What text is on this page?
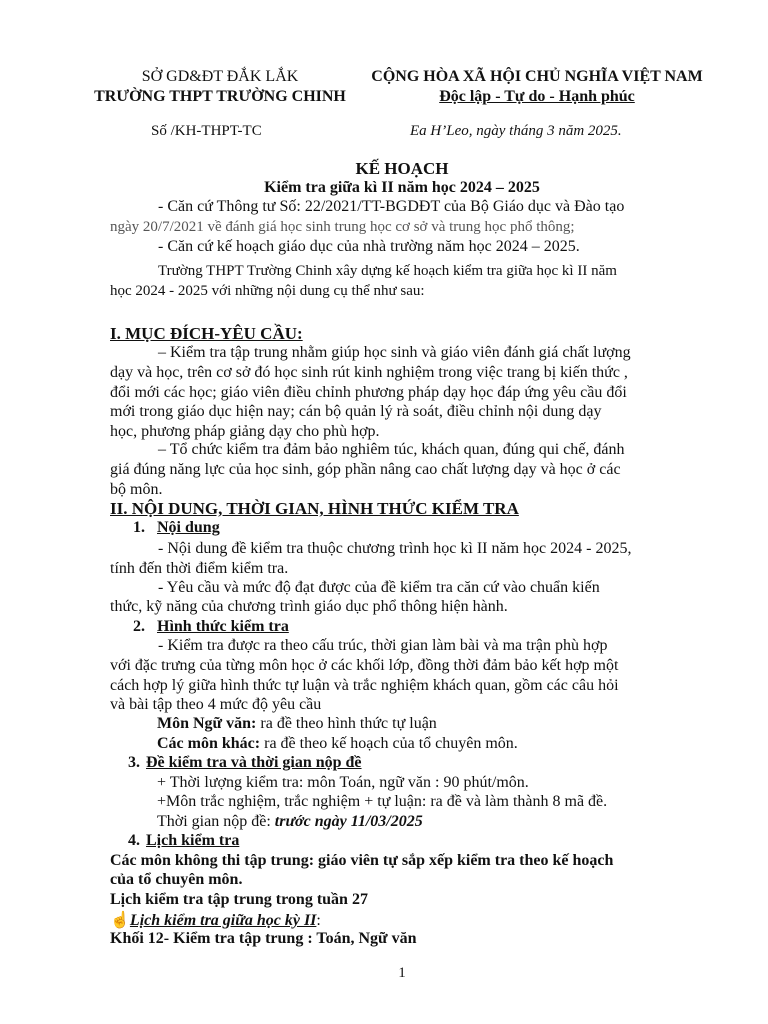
SỞ GD&ĐT ĐẮK LẮK
TRƯỜNG THPT TRƯỜNG CHINH
CỘNG HÒA XÃ HỘI CHỦ NGHĨA VIỆT NAM
Độc lập - Tự do - Hạnh phúc
Số /KH-THPT-TC	Ea H’Leo, ngày tháng 3 năm 2025.
KẾ HOẠCH
Kiểm tra giữa kì II năm học 2024 – 2025
- Căn cứ Thông tư Số: 22/2021/TT-BGDĐT của Bộ Giáo dục và Đào tạo
ngày 20/7/2021 về đánh giá học sinh trung học cơ sở và trung học phổ thông;
- Căn cứ kế hoạch giáo dục của nhà trường năm học 2024 – 2025.
Trường THPT Trường Chinh xây dựng kế hoạch kiểm tra giữa học kì II năm
học 2024 - 2025 với những nội dung cụ thể như sau:
I. MỤC ĐÍCH-YÊU CẦU:
– Kiểm tra tập trung nhằm giúp học sinh và giáo viên đánh giá chất lượng
dạy và học, trên cơ sở đó học sinh rút kinh nghiệm trong việc trang bị kiến thức ,
đổi mới các học; giáo viên điều chỉnh phương pháp dạy học đáp ứng yêu cầu đổi
mới trong giáo dục hiện nay; cán bộ quản lý rà soát, điều chỉnh nội dung dạy
học, phương pháp giảng dạy cho phù hợp.
– Tổ chức kiểm tra đảm bảo nghiêm túc, khách quan, đúng qui chế, đánh
giá đúng năng lực của học sinh, góp phần nâng cao chất lượng dạy và học ở các
bộ môn.
II. NỘI DUNG, THỜI GIAN, HÌNH THỨC KIỂM TRA
1. Nội dung
- Nội dung đề kiểm tra thuộc chương trình học kì II năm học 2024 - 2025,
tính đến thời điểm kiểm tra.
- Yêu cầu và mức độ đạt được của đề kiểm tra căn cứ vào chuẩn kiến
thức, kỹ năng của chương trình giáo dục phổ thông hiện hành.
2. Hình thức kiểm tra
- Kiểm tra được ra theo cấu trúc, thời gian làm bài và ma trận phù hợp
với đặc trưng của từng môn học ở các khối lớp, đồng thời đảm bảo kết hợp một
cách hợp lý giữa hình thức tự luận và trắc nghiệm khách quan, gồm các câu hỏi
và bài tập theo 4 mức độ yêu cầu
Môn Ngữ văn: ra đề theo hình thức tự luận
Các môn khác: ra đề theo kế hoạch của tổ chuyên môn.
3. Đề kiểm tra và thời gian nộp đề
+ Thời lượng kiểm tra: môn Toán, ngữ văn : 90 phút/môn.
+Môn trắc nghiệm, trắc nghiệm + tự luận: ra đề và làm thành 8 mã đề.
Thời gian nộp đề: trước ngày 11/03/2025
4. Lịch kiểm tra
Các môn không thi tập trung: giáo viên tự sắp xếp kiểm tra theo kế hoạch
của tổ chuyên môn.
Lịch kiểm tra tập trung trong tuần 27
☝Lịch kiểm tra giữa học kỳ II:
Khối 12- Kiểm tra tập trung : Toán, Ngữ văn
1
